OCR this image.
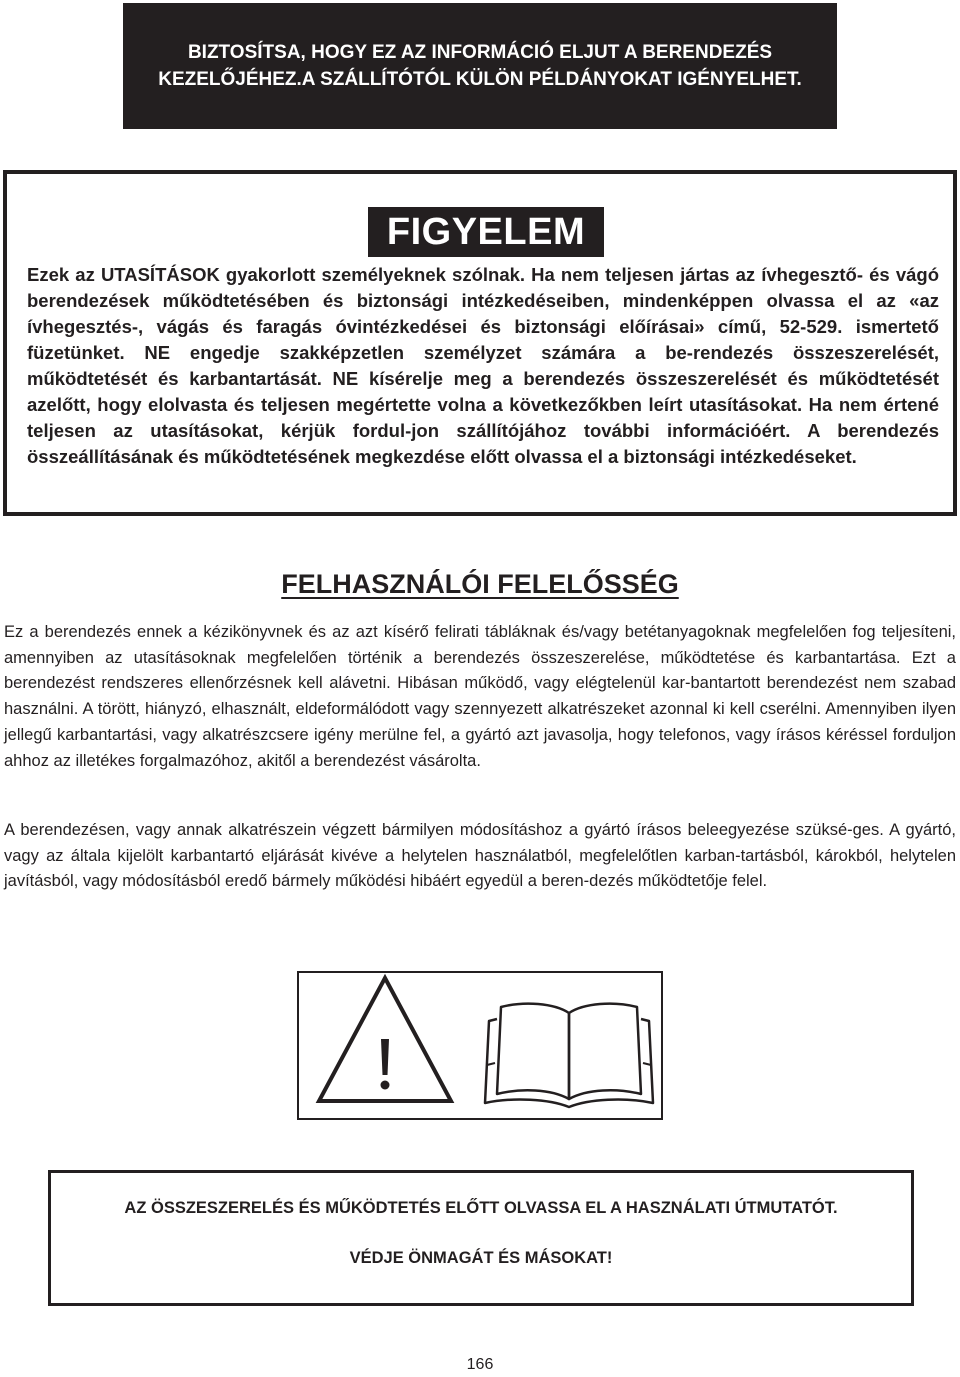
BIZTOSÍTSA, HOGY EZ AZ INFORMÁCIÓ ELJUT A BERENDEZÉS
KEZELŐJÉHEZ.A SZÁLLÍTÓTÓL KÜLÖN PÉLDÁNYOKAT IGÉNYELHET.
FIGYELEM
Ezek az UTASÍTÁSOK gyakorlott személyeknek szólnak. Ha nem teljesen jártas az ívhegesztő- és vágó berendezések működtetésében és biztonsági intézkedéseiben, mindenképpen olvassa el az «az ívhegesztés-, vágás és faragás óvintézkedései és biztonsági előírásai» című, 52-529. ismertető füzetünket. NE engedje szakképzetlen személyzet számára a be-rendezés összeszerelését, működtetését és karbantartását. NE kísérelje meg a berendezés összeszerelését és működtetését azelőtt, hogy elolvasta és teljesen megértette volna a következőkben leírt utasításokat. Ha nem értené teljesen az utasításokat, kérjük fordul-jon szállítójához további információért. A berendezés összeállításának és működtetésének megkezdése előtt olvassa el a biztonsági intézkedéseket.
FELHASZNÁLÓI FELELŐSSÉG
Ez a berendezés ennek a kézikönyvnek és az azt kísérő felirati tábláknak és/vagy betétanyagoknak megfelelően fog teljesíteni, amennyiben az utasításoknak megfelelően történik a berendezés összeszerelése, működtetése és karbantartása. Ezt a berendezést rendszeres ellenőrzésnek kell alávetni. Hibásan működő, vagy elégtelenül kar-bantartott berendezést nem szabad használni. A törött, hiányzó, elhasznált, eldeformálódott vagy szennyezett alkatrészeket azonnal ki kell cserélni. Amennyiben ilyen jellegű karbantartási, vagy alkatrészcsere igény merülne fel, a gyártó azt javasolja, hogy telefonos, vagy írásos kéréssel forduljon ahhoz az illetékes forgalmazóhoz, akitől a berendezést vásárolta.
A berendezésen, vagy annak alkatrészein végzett bármilyen módosításhoz a gyártó írásos beleegyezése szüksé-ges. A gyártó, vagy az általa kijelölt karbantartó eljárását kivéve a helytelen használatból, megfelelőtlen karban-tartásból, károkból, helytelen javításból, vagy módosításból eredő bármely működési hibáért egyedül a beren-dezés működtetője felel.
AZ ÖSSZESZERELÉS ÉS MŰKÖDTETÉS ELŐTT OLVASSA EL A HASZNÁLATI ÚTMUTATÓT.
VÉDJE ÖNMAGÁT ÉS MÁSOKAT!
166
